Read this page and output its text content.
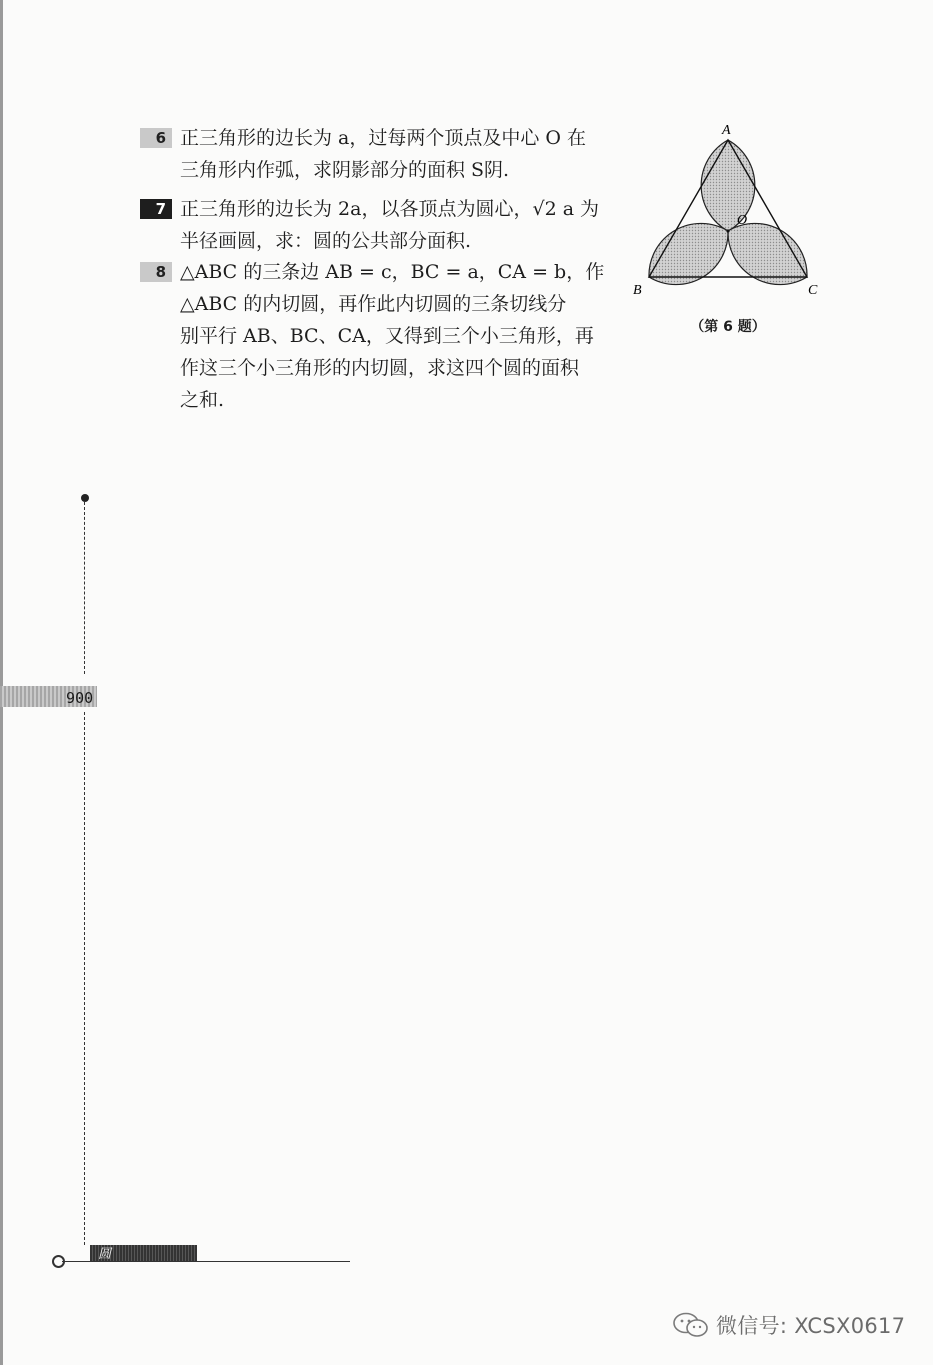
6 正三角形的边长为 a，过每两个顶点及中心 O 在
三角形内作弧，求阴影部分的面积 S阴.
7 正三角形的边长为 2a，以各顶点为圆心，√2 a 为
半径画圆，求：圆的公共部分面积.
8 △ABC 的三条边 AB = c，BC = a，CA = b，作
△ABC 的内切圆，再作此内切圆的三条切线分
别平行 AB、BC、CA，又得到三个小三角形，再
作这三个小三角形的内切圆，求这四个圆的面积
之和.
A
B	C
O
（第 6 题）
006
圆
微信号: XCSX0617
